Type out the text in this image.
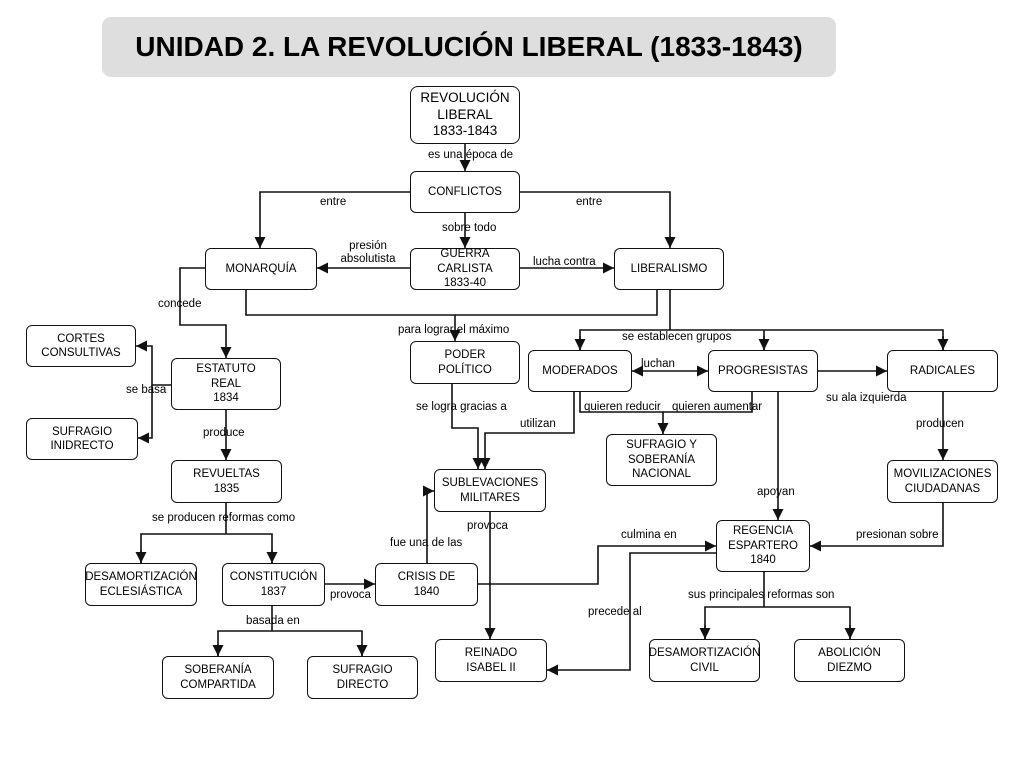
UNIDAD 2. LA REVOLUCIÓN LIBERAL (1833-1843)
REVOLUCIÓN
LIBERAL
1833-1843
CONFLICTOS
MONARQUÍA
GUERRA
CARLISTA
1833-40
LIBERALISMO
CORTES
CONSULTIVAS
ESTATUTO
REAL
1834
SUFRAGIO
INIDRECTO
PODER
POLÍTICO	MODERADOS	PROGRESISTAS	RADICALES
SUFRAGIO Y
SOBERANÍA
NACIONAL
REVUELTAS
1835	SUBLEVACIONES
MILITARES
MOVILIZACIONES
CIUDADANAS
REGENCIA
ESPARTERO
1840
DESAMORTIZACIÓN
ECLESIÁSTICA
CONSTITUCIÓN
1837
CRISIS DE
1840
SOBERANÍA
COMPARTIDA
SUFRAGIO
DIRECTO
REINADO
ISABEL II
DESAMORTIZACIÓN
CIVIL
ABOLICIÓN
DIEZMO
es una época de
entre	entre
sobre todo
presión
absolutista	lucha contra
concede
para lograr el máximo
se establecen grupos
luchan
se basa
su ala izquierda
quieren reducir quieren aumentar
se logra gracias a
utilizan	producen
produce
apoyan
se producen reformas como
provoca
culmina en	presionan sobre
fue una de las
provoca	sus principales reformas son
precede al
basada en
